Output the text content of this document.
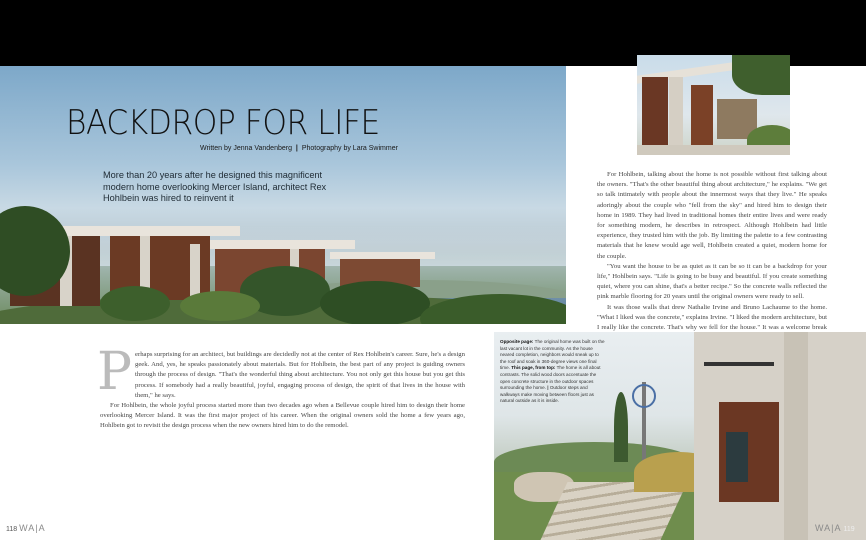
BACKDROP FOR LIFE
Written by Jenna Vandenberg | Photography by Lara Swimmer
More than 20 years after he designed this magnificent modern home overlooking Mercer Island, architect Rex Hohlbein was hired to reinvent it
P erhaps surprising for an architect, but buildings are decidedly not at the center of Rex Hohlbein's career. Sure, he's a design geek. And, yes, he speaks passionately about materials. But for Hohlbein, the best part of any project is guiding owners through the process of design. "That's the wonderful thing about architecture. You not only get this house but you get this process. If somebody had a really beautiful, joyful, engaging process of design, the spirit of that lives in the house with them," he says.

For Hohlbein, the whole joyful process started more than two decades ago when a Bellevue couple hired him to design their home overlooking Mercer Island. It was the first major project of his career. When the original owners sold the home a few years ago, Hohlbein got to revisit the design process when the new owners hired him to do the remodel.

118 WA|A

For Hohlbein, talking about the home is not possible without first talking about the owners. "That's the other beautiful thing about architecture," he explains. "We get so talk intimately with people about the innermost ways that they live." He speaks adoringly about the couple who "fell from the sky" and hired him to design their home in 1989. They had lived in traditional homes their entire lives and were ready for something modern, he describes in retrospect. Although Hohlbein had little experience, they trusted him with the job. By limiting the palette to a few contrasting materials that he knew would age well, Hohlbein created a quiet, modern home for the couple.

"You want the house to be as quiet as it can be so it can be a backdrop for your life," Hohlbein says. "Life is going to be busy and beautiful. If you create something quiet, where you can shine, that's a better recipe." So the concrete walls reflected the pink marble flooring for 20 years until the original owners were ready to sell.

It was those walls that drew Nathalie Irvine and Bruno Lachaume to the home. "What I liked was the concrete," explains Irvine. "I liked the modern architecture, but I really like the concrete. That's why we fell for the house." It was a welcome break

Opposite page: The original home was built on the last vacant lot in the community. As the house neared completion, neighbors would sneak up to the roof and soak in 360-degree views one final time. This page, from top: The home is all about contrasts. The solid wood doors accentuate the open concrete structure in the outdoor spaces surrounding the home. | Outdoor steps and walkways make moving between floors just as natural outside as it is inside.
WA|A 119
